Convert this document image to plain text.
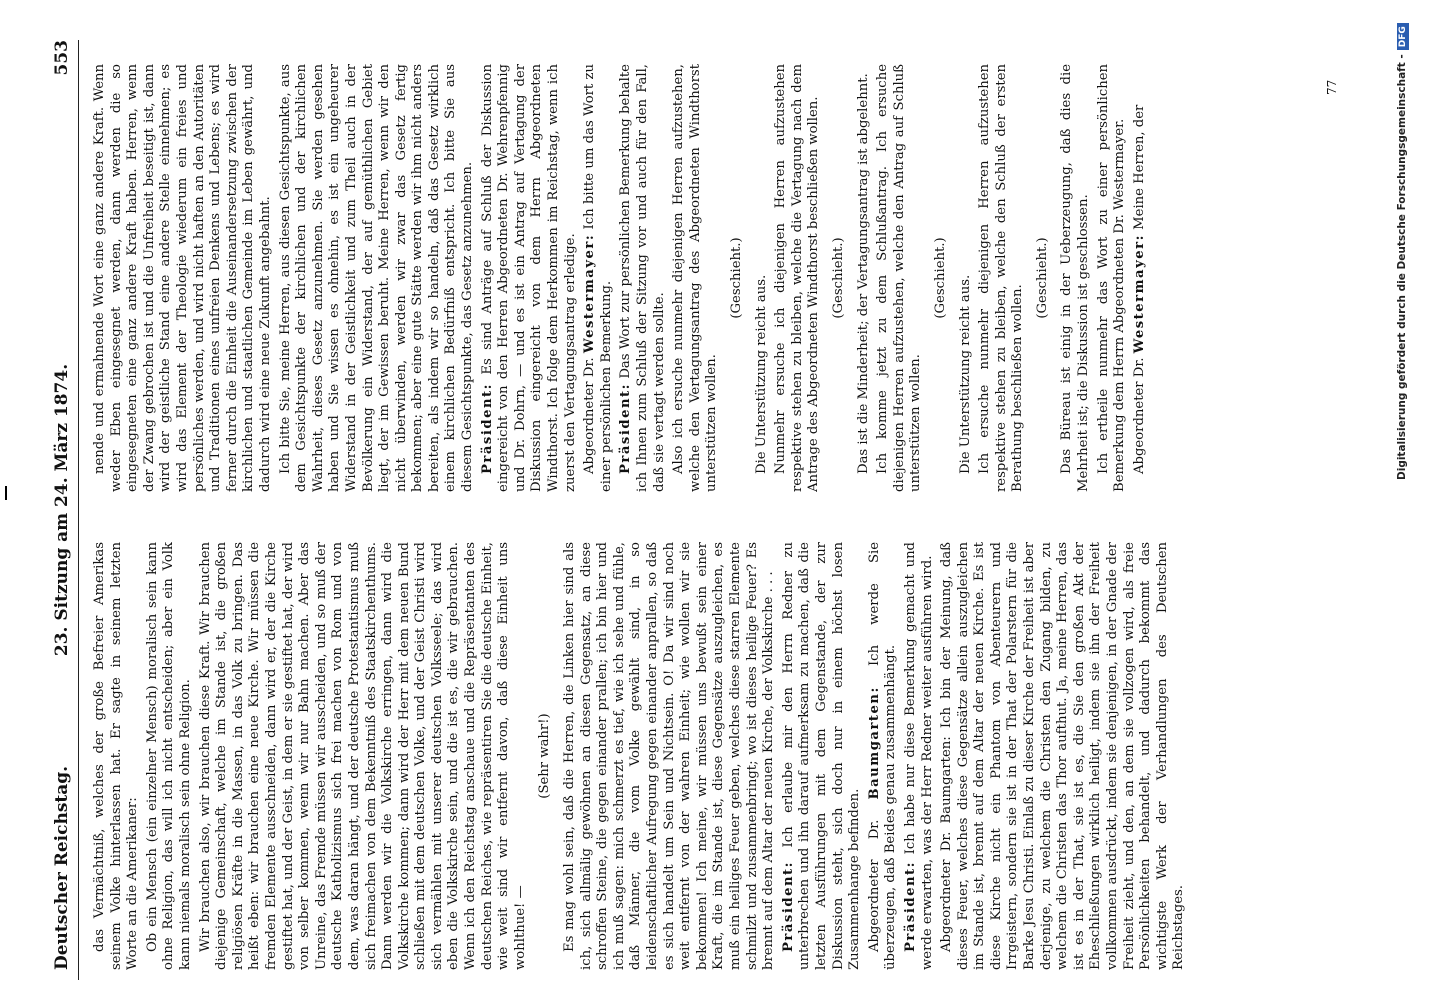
Deutscher Reichstag.
23. Sitzung am 24. März 1874.
553

das Vermächtniß, welches der große Befreier Amerikas seinem Volke hinterlassen hat. Er sagte in seinem letzten Worte an die Amerikaner: Ob ein Mensch (ein einzelner Mensch) moralisch sein kann ohne Religion, das will ich nicht entscheiden; aber ein Volk kann niemals moralisch sein ohne Religion. Wir brauchen also, wir brauchen diese Kraft. Wir brauchen diejenige Gemeinschaft, welche im Stande ist, die großen religiösen Kräfte in die Massen, in das Volk zu bringen. Das heißt eben: wir brauchen eine neue Kirche. Wir müssen die fremden Elemente ausschneiden, dann wird er, der die Kirche gestiftet hat, und der Geist, in dem er sie gestiftet hat, der wird von selber kommen, wenn wir nur Bahn machen. Aber das Unreine, das Fremde müssen wir ausscheiden, und so muß der deutsche Katholizismus sich frei machen von Rom und von dem, was daran hängt, und der deutsche Protestantismus muß sich freimachen von dem Bekenntniß des Staatskirchenthums. Dann werden wir die Volkskirche erringen, dann wird die Volkskirche kommen; dann wird der Herr mit dem neuen Bund schließen mit dem deutschen Volke, und der Geist Christi wird sich vermählen mit unserer deutschen Volksseele; das wird eben die Volkskirche sein, und die ist es, die wir gebrauchen. Wenn ich den Reichstag anschaue und die Repräsentanten des deutschen Reiches, wie repräsentiren Sie die deutsche Einheit, wie weit sind wir entfernt davon, daß diese Einheit uns wohlthue! —

(Sehr wahr!) Es mag wohl sein, daß die Herren, die Linken hier sind als ich, sich allmälig gewöhnen an diesen Gegensatz, an diese schroffen Steine, die gegen einander prallen; ich bin hier und ich muß sagen: mich schmerzt es tief, wie ich sehe und fühle, daß Männer, die vom Volke gewählt sind, in so leidenschaftlicher Aufregung gegen einander anprallen, so daß es sich handelt um Sein und Nichtsein. O! Da wir sind noch weit entfernt von der wahren Einheit; wie wollen wir sie bekommen! Ich meine, wir müssen uns bewußt sein einer Kraft, die im Stande ist, diese Gegensätze auszugleichen, es muß ein heiliges Feuer geben, welches diese starren Elemente schmilzt und zusammenbringt; wo ist dieses heilige Feuer? Es brennt auf dem Altar der neuen Kirche, der Volkskirche . . . Präsident: Ich erlaube mir den Herrn Redner zu unterbrechen und ihn darauf aufmerksam zu machen, daß die letzten Ausführungen mit dem Gegenstande, der zur Diskussion steht, sich doch nur in einem höchst losen Zusammenhange befinden. Abgeordneter Dr. Baumgarten: Ich werde Sie überzeugen, daß Beides genau zusammenhängt. Präsident: Ich habe nur diese Bemerkung gemacht und werde erwarten, was der Herr Redner weiter ausführen wird. Abgeordneter Dr. Baumgarten: Ich bin der Meinung, daß dieses Feuer, welches diese Gegensätze allein auszugleichen im Stande ist, brennt auf dem Altar der neuen Kirche. Es ist diese Kirche nicht ein Phantom von Abenteurern und Irrgeistern, sondern sie ist in der That der Polarstern für die Barke Jesu Christi. Einlaß zu dieser Kirche der Freiheit ist aber derjenige, zu welchem die Christen den Zugang bilden, zu welchem die Christen das Thor aufthut. Ja, meine Herren, das ist es in der That, sie ist es, die Sie den großen Akt der Eheschließungen wirklich heiligt, indem sie ihn der Freiheit vollkommen ausdrückt, indem sie denjenigen, in der Gnade der Freiheit zieht, und den, an dem sie vollzogen wird, als freie Persönlichkeiten behandelt, und dadurch bekommt das wichtigste Werk der Verhandlungen des Deutschen Reichstages.

nende und ermahnende Wort eine ganz andere Kraft. Wenn weder Eben eingesegnet werden, dann werden die so eingesegneten eine ganz andere Kraft haben. Herren, wenn der Zwang gebrochen ist und die Unfreiheit beseitigt ist, dann wird der geistliche Stand eine andere Stelle einnehmen; es wird das Element der Theologie wiederum ein freies und persönliches werden, und wird nicht haften an den Autoritäten und Traditionen eines unfreien Denkens und Lebens; es wird ferner durch die Einheit die Auseinandersetzung zwischen der kirchlichen und staatlichen Gemeinde im Leben gewährt, und dadurch wird eine neue Zukunft angebahnt. Ich bitte Sie, meine Herren, aus diesen Gesichtspunkte, aus dem Gesichtspunkte der kirchlichen und der kirchlichen Wahrheit, dieses Gesetz anzunehmen. Sie werden gesehen haben und Sie wissen es ohnehin, es ist ein ungeheurer Widerstand in der Geistlichkeit und zum Theil auch in der Bevölkerung ein Widerstand, der auf gemüthlichen Gebiet liegt, der im Gewissen beruht. Meine Herren, wenn wir den nicht überwinden, werden wir zwar das Gesetz fertig bekommen; aber eine gute Stätte werden wir ihm nicht anders bereiten, als indem wir so handeln, daß das Gesetz wirklich einem kirchlichen Bedürfniß entspricht. Ich bitte Sie aus diesem Gesichtspunkte, das Gesetz anzunehmen. Präsident: Es sind Anträge auf Schluß der Diskussion eingereicht von den Herren Abgeordneten Dr. Wehrenpfennig und Dr. Dohrn, — und es ist ein Antrag auf Vertagung der Diskussion eingereicht von dem Herrn Abgeordneten Windthorst. Ich folge dem Herkommen im Reichstag, wenn ich zuerst den Vertagungsantrag erledige. Abgeordneter Dr. Westermayer: Ich bitte um das Wort zu einer persönlichen Bemerkung. Präsident: Das Wort zur persönlichen Bemerkung behalte ich Ihnen zum Schluß der Sitzung vor und auch für den Fall, daß sie vertagt werden sollte. Also ich ersuche nunmehr diejenigen Herren aufzustehen, welche den Vertagungsantrag des Abgeordneten Windthorst unterstützen wollen.

(Geschieht.) Die Unterstützung reicht aus. Nunmehr ersuche ich diejenigen Herren aufzustehen respektive stehen zu bleiben, welche die Vertagung nach dem Antrage des Abgeordneten Windthorst beschließen wollen. (Geschieht.) Das ist die Minderheit; der Vertagungsantrag ist abgelehnt. Ich komme jetzt zu dem Schlußantrag. Ich ersuche diejenigen Herren aufzustehen, welche den Antrag auf Schluß unterstützen wollen.

(Geschieht.) Die Unterstützung reicht aus. Ich ersuche nunmehr diejenigen Herren aufzustehen respektive stehen zu bleiben, welche den Schluß der ersten Berathung beschließen wollen.

(Geschieht.) Das Büreau ist einig in der Ueberzeugung, daß dies die Mehrheit ist; die Diskussion ist geschlossen. Ich ertheile nunmehr das Wort zu einer persönlichen Bemerkung dem Herrn Abgeordneten Dr. Westermayer. Abgeordneter Dr. Westermayer: Meine Herren, der

77	Digitalisierung gefördert durch die Deutsche Forschungsgemeinschaft -DFG
